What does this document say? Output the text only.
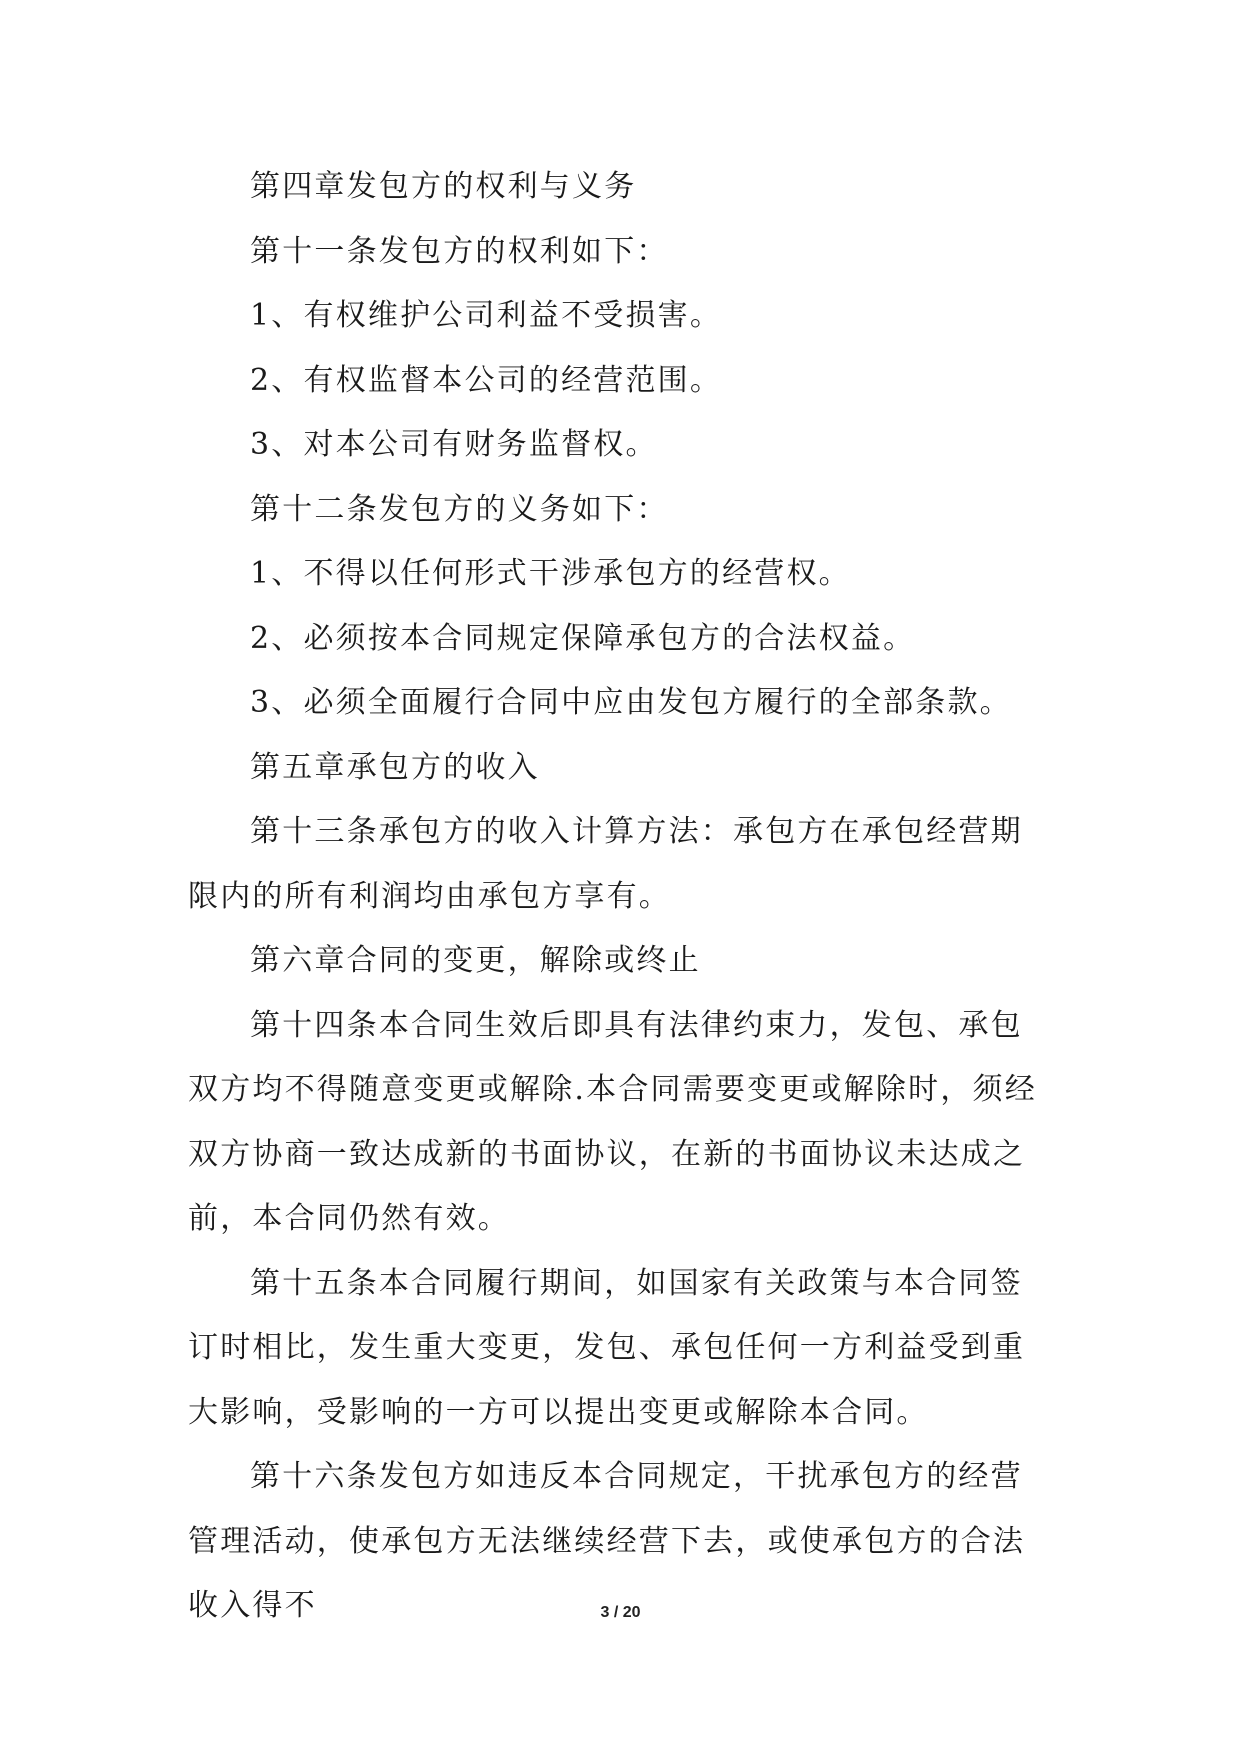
第四章发包方的权利与义务

第十一条发包方的权利如下：

1、有权维护公司利益不受损害。

2、有权监督本公司的经营范围。

3、对本公司有财务监督权。

第十二条发包方的义务如下：

1、不得以任何形式干涉承包方的经营权。

2、必须按本合同规定保障承包方的合法权益。

3、必须全面履行合同中应由发包方履行的全部条款。

第五章承包方的收入

第十三条承包方的收入计算方法：承包方在承包经营期限内的所有利润均由承包方享有。

第六章合同的变更，解除或终止

第十四条本合同生效后即具有法律约束力，发包、承包双方均不得随意变更或解除.本合同需要变更或解除时，须经双方协商一致达成新的书面协议，在新的书面协议未达成之前，本合同仍然有效。

第十五条本合同履行期间，如国家有关政策与本合同签订时相比，发生重大变更，发包、承包任何一方利益受到重大影响，受影响的一方可以提出变更或解除本合同。

第十六条发包方如违反本合同规定，干扰承包方的经营管理活动，使承包方无法继续经营下去，或使承包方的合法收入得不	3 / 20
